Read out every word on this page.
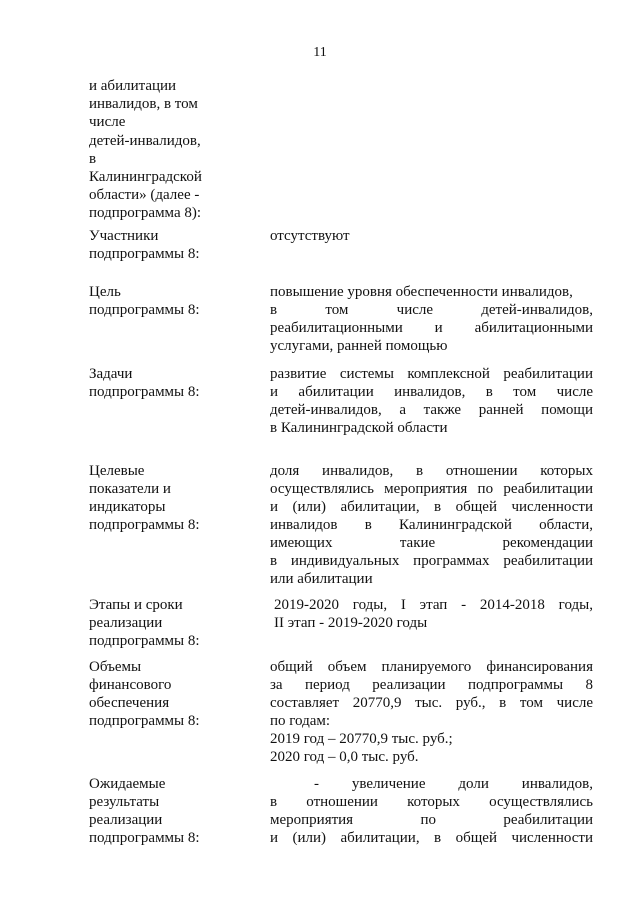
11
и абилитации
инвалидов, в том
числе
детей-инвалидов,
в
Калининградской
области» (далее -
подпрограмма 8):
Участники
подпрограммы 8:
отсутствуют
Цель
подпрограммы 8:
повышение уровня обеспеченности инвалидов,
в том числе детей-инвалидов,
реабилитационными и абилитационными
услугами, ранней помощью
Задачи
подпрограммы 8:
развитие системы комплексной реабилитации
и абилитации инвалидов, в том числе
детей-инвалидов, а также ранней помощи
в Калининградской области
Целевые
показатели и
индикаторы
подпрограммы 8:
доля инвалидов, в отношении которых
осуществлялись мероприятия по реабилитации
и (или) абилитации, в общей численности
инвалидов в Калининградской области,
имеющих такие рекомендации
в индивидуальных программах реабилитации
или абилитации
Этапы и сроки
реализации
подпрограммы 8:
2019-2020 годы, I этап - 2014-2018 годы,
II этап - 2019-2020 годы
Объемы
финансового
обеспечения
подпрограммы 8:
общий объем планируемого финансирования
за период реализации подпрограммы 8
составляет 20770,9 тыс. руб., в том числе
по годам:
2019 год – 20770,9 тыс. руб.;
2020 год – 0,0 тыс. руб.
Ожидаемые
результаты
реализации
подпрограммы 8:
- увеличение доли инвалидов,
в отношении которых осуществлялись
мероприятия по реабилитации
и (или) абилитации, в общей численности
